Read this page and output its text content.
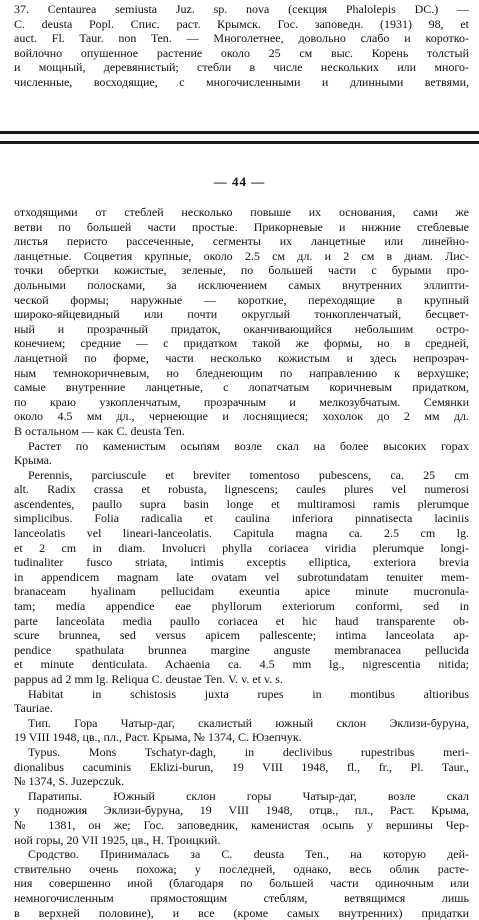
37. Centaurea semiusta Juz. sp. nova (секция Phalolepis DC.) —
C. deusta Popl. Спис. раст. Крымск. Гос. заповедн. (1931) 98, et
auct. Fl. Taur. non Ten. — Многолетнее, довольно слабо и коротко-
войлочно опушенное растение около 25 см выс. Корень толстый
и мощный, деревянистый; стебли в числе нескольких или много-
численные, восходящие, с многочисленными и длинными ветвями,
— 44 —
отходящими от стеблей несколько повыше их основания, сами же
ветви по большей части простые. Прикорневые и нижние стеблевые
листья перисто рассеченные, сегменты их ланцетные или линейно-
ланцетные. Соцветия крупные, около 2.5 см дл. и 2 см в диам. Лис-
точки обертки кожистые, зеленые, по большей части с бурыми про-
дольными полосками, за исключением самых внутренних эллипти-
ческой формы; наружные — короткие, переходящие в крупный
широко-яйцевидный или почти округлый тонкопленчатый, бесцвет-
ный и прозрачный придаток, оканчивающийся небольшим остро-
конечием; средние — с придатком такой же формы, но в средней,
ланцетной по форме, части несколько кожистым и здесь непрозрач-
ным темнокоричневым, но бледнеющим по направлению к верхушке;
самые внутренние ланцетные, с лопатчатым коричневым придатком,
по краю узкопленчатым, прозрачным и мелкозубчатым. Семянки
около 4.5 мм дл., чернеющие и лоснящиеся; хохолок до 2 мм дл.
В остальном — как C. deusta Ten.
Растет по каменистым осыпям возле скал на более высоких горах
Крыма.
Perennis, parciuscule et breviter tomentoso pubescens, ca. 25 cm
alt. Radix crassa et robusta, lignescens; caules plures vel numerosi
ascendentes, paullo supra basin longe et multiramosi ramis plerumque
simplicibus. Folia radicalia et caulina inferiora pinnatisecta laciniis
lanceolatis vel lineari-lanceolatis. Capitula magna ca. 2.5 cm lg.
et 2 cm in diam. Involucri phylla coriacea viridia plerumque longi-
tudinaliter fusco striata, intimis exceptis elliptica, exteriora brevia
in appendicem magnam late ovatam vel subrotundatam tenuiter mem-
branaceam hyalinam pellucidam exeuntia apice minute mucronula-
tam; media appendice eae phyllorum exteriorum conformi, sed in
parte lanceolata media paullo coriacea et hic haud transparente ob-
scure brunnea, sed versus apicem pallescente; intima lanceolata ap-
pendice spathulata brunnea margine anguste membranacea pellucida
et minute denticulata. Achaenia ca. 4.5 mm lg., nigrescentia nitida;
pappus ad 2 mm lg. Reliqua C. deustae Ten. V. v. et v. s.
Habitat in schistosis juxta rupes in montibus altioribus
Tauriae.
Тип. Гора Чатыр-даг, скалистый южный склон Эклизи-буруна,
19 VIII 1948, цв., пл., Раст. Крыма, № 1374, С. Юзепчук.
Typus. Mons Tschatyr-dagh, in declivibus rupestribus meri-
dionalibus cacuminis Eklizi-burun, 19 VIII 1948, fl., fr., Pl. Taur.,
№ 1374, S. Juzepczuk.
Паратипы. Южный склон горы Чатыр-даг, возле скал
у подножия Эклизи-буруна, 19 VIII 1948, отцв., пл., Раст. Крыма,
№ 1381, он же; Гос. заповедник, каменистая осыпь у вершины Чер-
ной горы, 20 VII 1925, цв., Н. Троицкий.
Сродство. Принималась за C. deusta Ten., на которую дей-
ствительно очень похожа; у последней, однако, весь облик расте-
ния совершенно иной (благодаря по большей части одиночным или
немногочисленным прямостоящим стеблям, ветвящимся лишь
в верхней половине), и все (кроме самых внутренних) придатки
